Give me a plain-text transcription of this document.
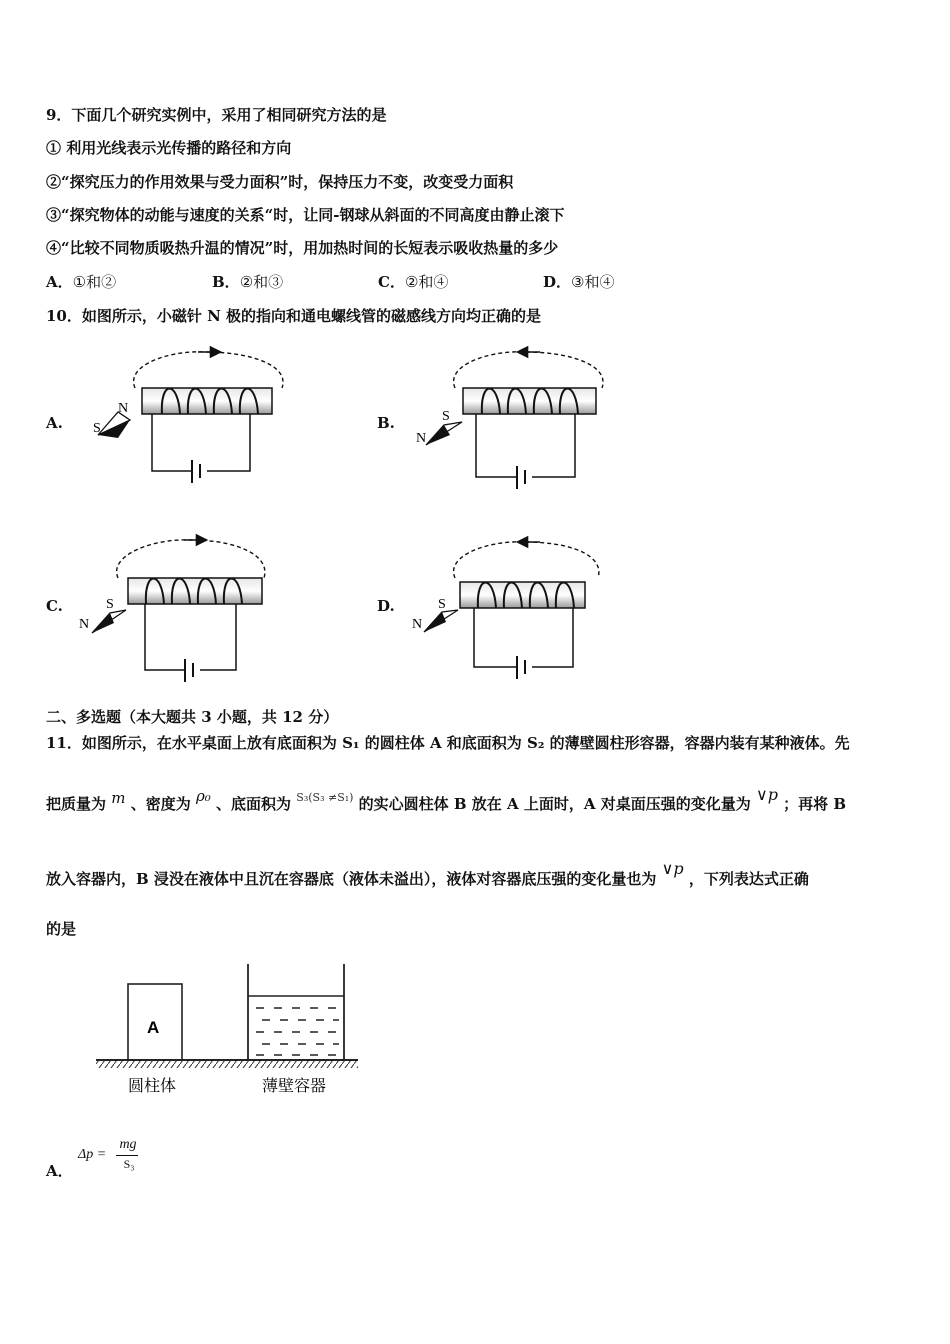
9．下面几个研究实例中，采用了相同研究方法的是
① 利用光线表示光传播的路径和方向
②“探究压力的作用效果与受力面积”时，保持压力不变，改变受力面积
③“探究物体的动能与速度的关系“时，让同-钢球从斜面的不同高度由静止滚下
④“比较不同物质吸热升温的情况”时，用加热时间的长短表示吸收热量的多少
A．①和②	B．②和③	C．②和④	D．③和④
10．如图所示，小磁针 N 极的指向和通电螺线管的磁感线方向均正确的是
A.	B.
C.	D.
N
S
S
N
S
N
S
N
二、多选题（本大题共 3 小题，共 12 分）
11．如图所示，在水平桌面上放有底面积为 S₁ 的圆柱体 A 和底面积为 S₂ 的薄壁圆柱形容器，容器内装有某种液体。先
把质量为 m 、密度为 ρ₀ 、底面积为 $^{S_3(S_3 \ne S_1)}$ 的实心圆柱体 B 放在 A 上面时，A 对桌面压强的变化量为 ∨p ；再将 B
放入容器内，B 浸没在液体中且沉在容器底（液体未溢出），液体对容器底压强的变化量也为 ∨p ，下列表达式正确
的是
A
圆柱体	薄壁容器
A．
Δp =
mg
S₃
